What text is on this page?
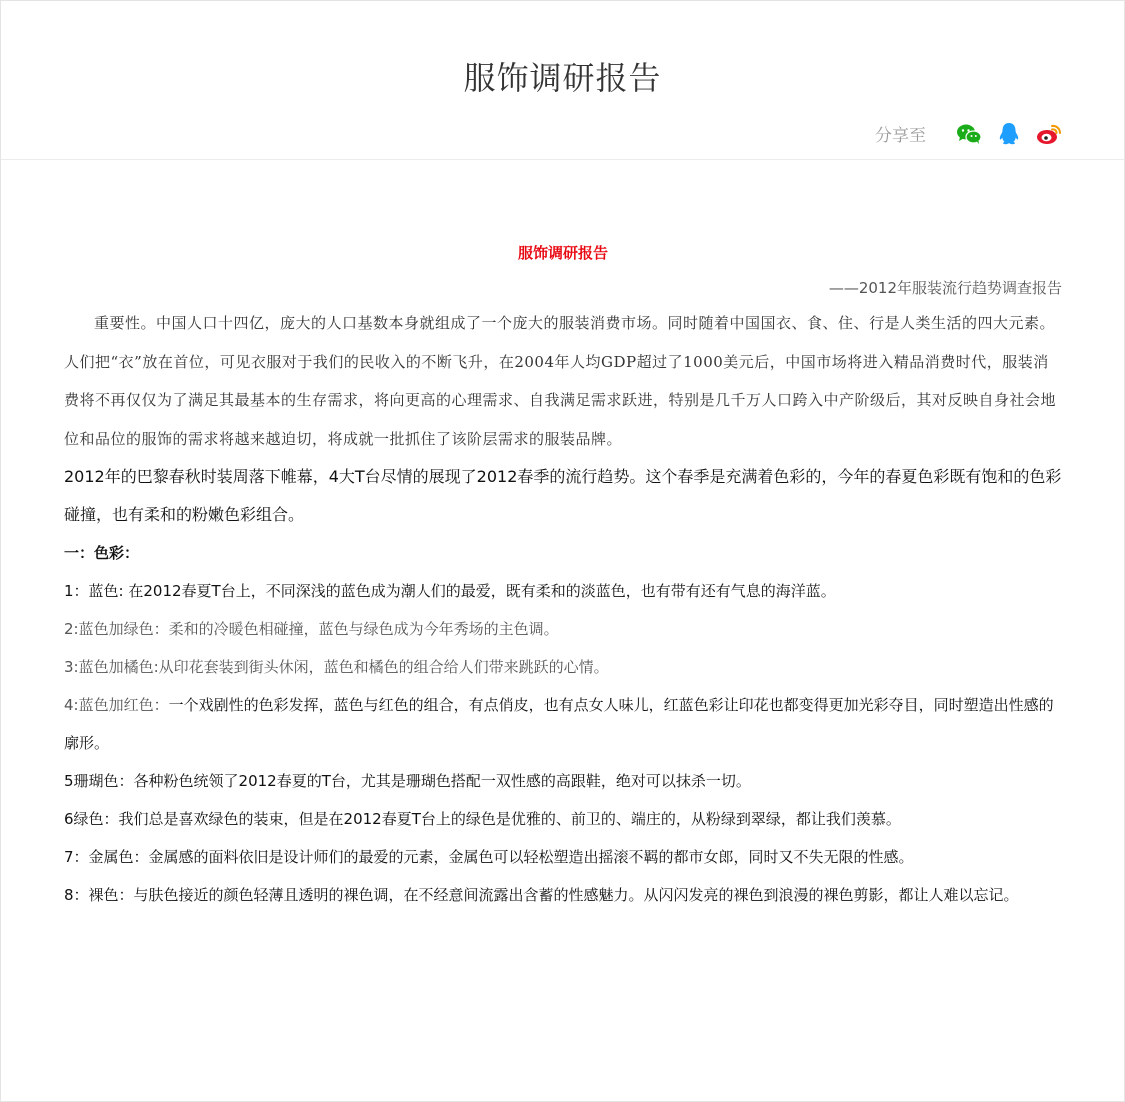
服饰调研报告
分享至
服饰调研报告
——2012年服装流行趋势调查报告

重要性。中国人口十四亿，庞大的人口基数本身就组成了一个庞大的服装消费市场。同时随着中国国衣、食、住、行是人类生活的四大元素。人们把“衣”放在首位，可见衣服对于我们的民收入的不断飞升，在2004年人均GDP超过了1000美元后，中国市场将进入精品消费时代，服装消费将不再仅仅为了满足其最基本的生存需求，将向更高的心理需求、自我满足需求跃进，特别是几千万人口跨入中产阶级后，其对反映自身社会地位和品位的服饰的需求将越来越迫切，将成就一批抓住了该阶层需求的服装品牌。

2012年的巴黎春秋时装周落下帷幕，4大T台尽情的展现了2012春季的流行趋势。这个春季是充满着色彩的，今年的春夏色彩既有饱和的色彩碰撞，也有柔和的粉嫩色彩组合。

一：色彩：

1：蓝色: 在2012春夏T台上，不同深浅的蓝色成为潮人们的最爱，既有柔和的淡蓝色，也有带有还有气息的海洋蓝。

2:蓝色加绿色：柔和的冷暖色相碰撞，蓝色与绿色成为今年秀场的主色调。

3:蓝色加橘色:从印花套装到街头休闲，蓝色和橘色的组合给人们带来跳跃的心情。

4:蓝色加红色：一个戏剧性的色彩发挥，蓝色与红色的组合，有点俏皮，也有点女人味儿，红蓝色彩让印花也都变得更加光彩夺目，同时塑造出性感的廓形。

5珊瑚色：各种粉色统领了2012春夏的T台，尤其是珊瑚色搭配一双性感的高跟鞋，绝对可以抹杀一切。

6绿色：我们总是喜欢绿色的装束，但是在2012春夏T台上的绿色是优雅的、前卫的、端庄的，从粉绿到翠绿，都让我们羡慕。

7：金属色：金属感的面料依旧是设计师们的最爱的元素，金属色可以轻松塑造出摇滚不羁的都市女郎，同时又不失无限的性感。

8：裸色：与肤色接近的颜色轻薄且透明的裸色调，在不经意间流露出含蓄的性感魅力。从闪闪发亮的裸色到浪漫的裸色剪影，都让人难以忘记。
